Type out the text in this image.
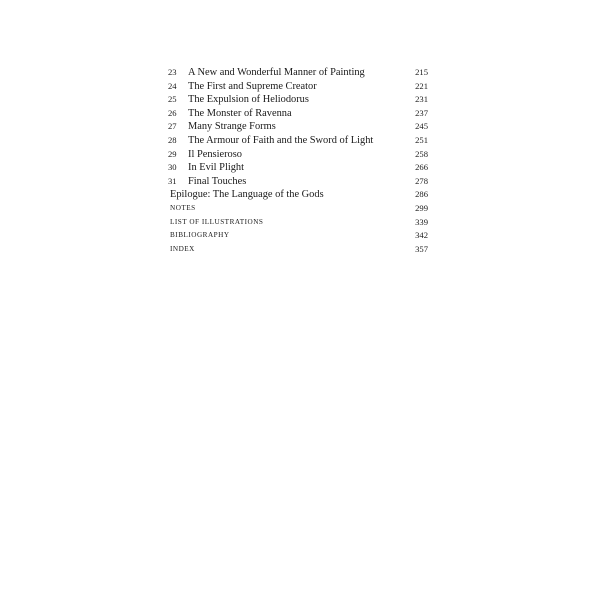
23	A New and Wonderful Manner of Painting	215
24	The First and Supreme Creator	221
25	The Expulsion of Heliodorus	231
26	The Monster of Ravenna	237
27	Many Strange Forms	245
28	The Armour of Faith and the Sword of Light	251
29	Il Pensieroso	258
30	In Evil Plight	266
31	Final Touches	278
Epilogue: The Language of the Gods	286
NOTES	299
LIST OF ILLUSTRATIONS	339
BIBLIOGRAPHY	342
INDEX	357
